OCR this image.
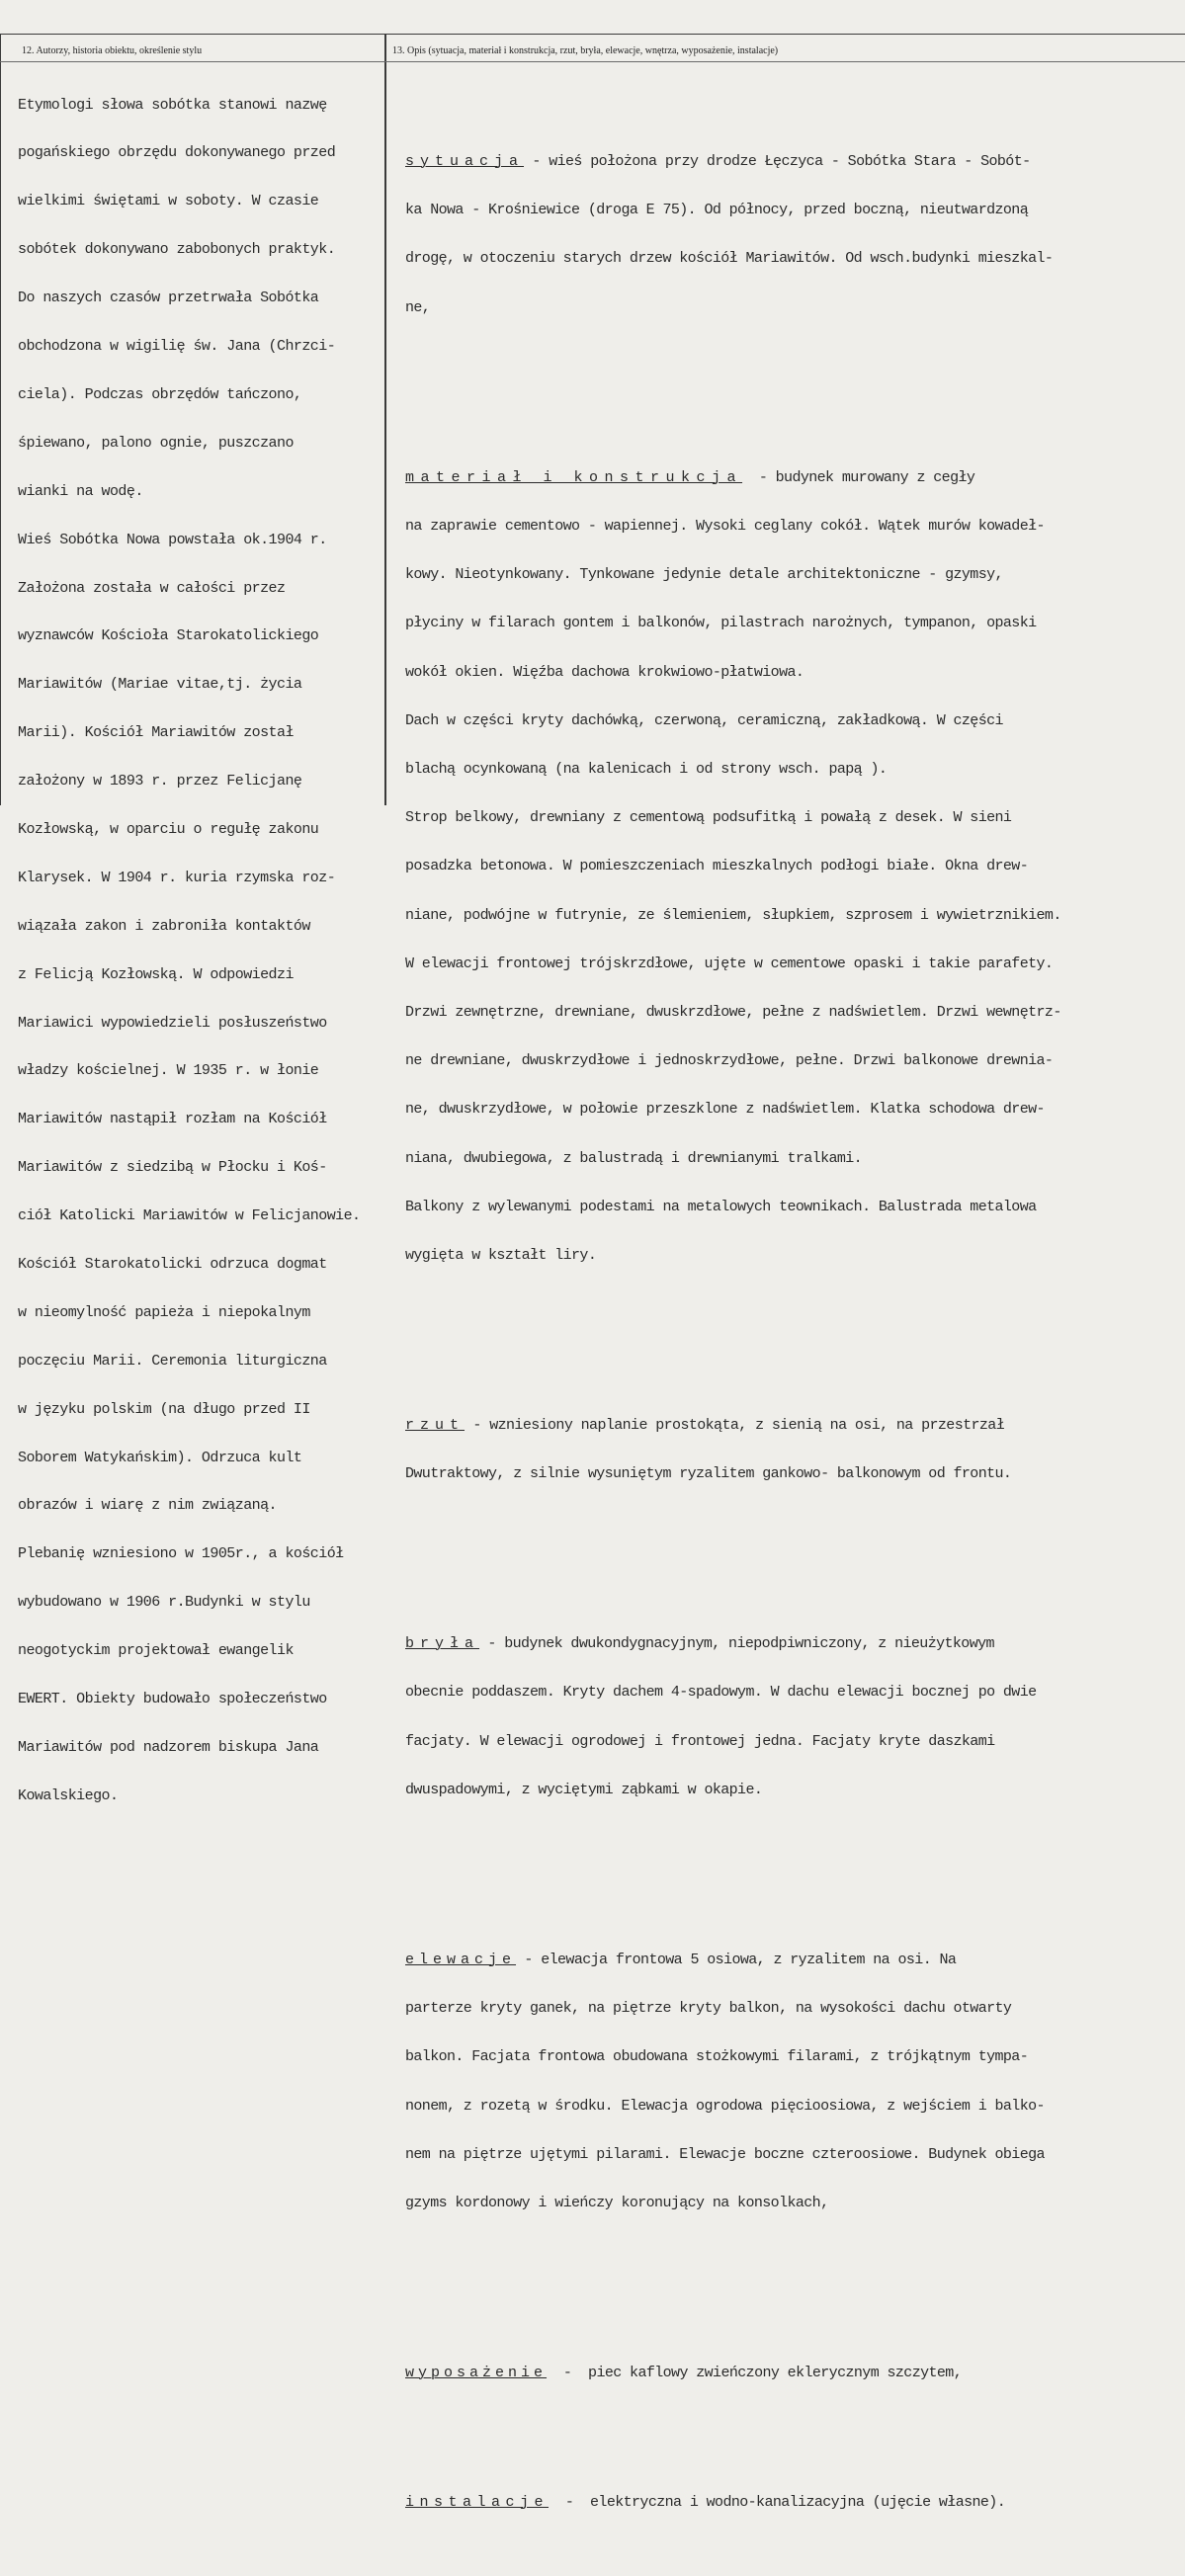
12. Autorzy, historia obiektu, określenie stylu	13. Opis (sytuacja, materiał i konstrukcja, rzut, bryła, elewacje, wnętrza, wyposażenie, instalacje)

Etymologi słowa sobótka stanowi nazwę

pogańskiego obrzędu dokonywanego przed

wielkimi świętami w soboty. W czasie

sobótek dokonywano zabobonych praktyk.

Do naszych czasów przetrwała Sobótka

obchodzona w wigilię św. Jana (Chrzci-

ciela). Podczas obrzędów tańczono,

śpiewano, palono ognie, puszczano

wianki na wodę.

Wieś Sobótka Nowa powstała ok.1904 r.

Założona została w całości przez

wyznawców Kościoła Starokatolickiego

Mariawitów (Mariae vitae,tj. życia

Marii). Kościół Mariawitów został

założony w 1893 r. przez Felicjanę

Kozłowską, w oparciu o regułę zakonu

Klarysek. W 1904 r. kuria rzymska roz-

wiązała zakon i zabroniła kontaktów

z Felicją Kozłowską. W odpowiedzi

Mariawici wypowiedzieli posłuszeństwo

władzy kościelnej. W 1935 r. w łonie

Mariawitów nastąpił rozłam na Kościół

Mariawitów z siedzibą w Płocku i Koś-

ciół Katolicki Mariawitów w Felicjanowie.

Kościół Starokatolicki odrzuca dogmat

w nieomylność papieża i niepokalnym

poczęciu Marii. Ceremonia liturgiczna

w języku polskim (na długo przed II

Soborem Watykańskim). Odrzuca kult

obrazów i wiarę z nim związaną.

Plebanię wzniesiono w 1905r., a kościół

wybudowano w 1906 r.Budynki w stylu

neogotyckim projektował ewangelik

EWERT. Obiekty budowało społeczeństwo

Mariawitów pod nadzorem biskupa Jana

Kowalskiego.

sytuacja - wieś położona przy drodze Łęczyca - Sobótka Stara - Sobót-

ka Nowa - Krośniewice (droga E 75). Od północy, przed boczną, nieutwardzoną

drogę, w otoczeniu starych drzew kościół Mariawitów. Od wsch.budynki mieszkal-

ne,

materiał i konstrukcja  - budynek murowany z cegły

na zaprawie cementowo - wapiennej. Wysoki ceglany cokół. Wątek murów kowadeł-

kowy. Nieotynkowany. Tynkowane jedynie detale architektoniczne - gzymsy,

płyciny w filarach gontem i balkonów, pilastrach narożnych, tympanon, opaski

wokół okien. Więźba dachowa krokwiowo-płatwiowa.

Dach w części kryty dachówką, czerwoną, ceramiczną, zakładkową. W części

blachą ocynkowaną (na kalenicach i od strony wsch. papą ).

Strop belkowy, drewniany z cementową podsufitką i powałą z desek. W sieni

posadzka betonowa. W pomieszczeniach mieszkalnych podłogi białe. Okna drew-

niane, podwójne w futrynie, ze ślemieniem, słupkiem, szprosem i wywietrznikiem.

W elewacji frontowej trójskrzdłowe, ujęte w cementowe opaski i takie parafety.

Drzwi zewnętrzne, drewniane, dwuskrzdłowe, pełne z nadświetlem. Drzwi wewnętrz-

ne drewniane, dwuskrzydłowe i jednoskrzydłowe, pełne. Drzwi balkonowe drewnia-

ne, dwuskrzydłowe, w połowie przeszklone z nadświetlem. Klatka schodowa drew-

niana, dwubiegowa, z balustradą i drewnianymi tralkami.

Balkony z wylewanymi podestami na metalowych teownikach. Balustrada metalowa

wygięta w kształt liry.

rzut - wzniesiony naplanie prostokąta, z sienią na osi, na przestrzał

Dwutraktowy, z silnie wysuniętym ryzalitem gankowo- balkonowym od frontu.

bryła - budynek dwukondygnacyjnym, niepodpiwniczony, z nieużytkowym

obecnie poddaszem. Kryty dachem 4-spadowym. W dachu elewacji bocznej po dwie

facjaty. W elewacji ogrodowej i frontowej jedna. Facjaty kryte daszkami

dwuspadowymi, z wyciętymi ząbkami w okapie.

elewacje - elewacja frontowa 5 osiowa, z ryzalitem na osi. Na

parterze kryty ganek, na piętrze kryty balkon, na wysokości dachu otwarty

balkon. Facjata frontowa obudowana stożkowymi filarami, z trójkątnym tympa-

nonem, z rozetą w środku. Elewacja ogrodowa pięcioosiowa, z wejściem i balko-

nem na piętrze ujętymi pilarami. Elewacje boczne czteroosiowe. Budynek obiega

gzyms kordonowy i wieńczy koronujący na konsolkach,

wyposażenie  -  piec kaflowy zwieńczony eklerycznym szczytem,

instalacje  -  elektryczna i wodno-kanalizacyjna (ujęcie własne).
